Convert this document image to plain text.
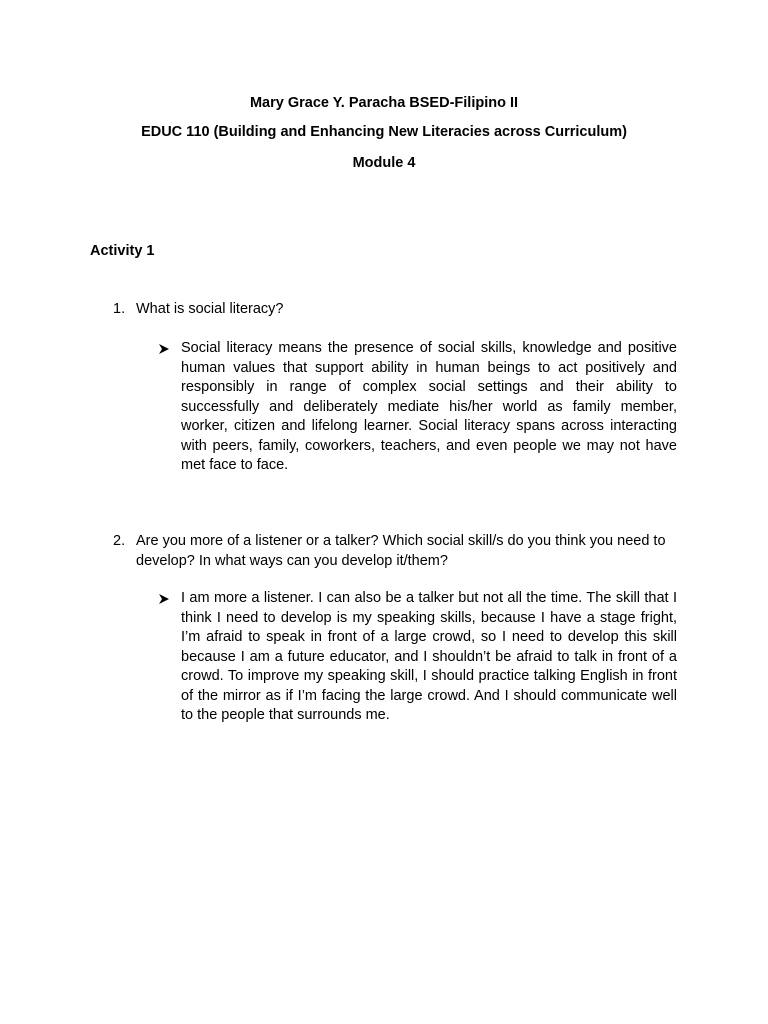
Mary Grace Y. Paracha BSED-Filipino II
EDUC 110 (Building and Enhancing New Literacies across Curriculum)
Module 4
Activity 1
1. What is social literacy?
Social literacy means the presence of social skills, knowledge and positive human values that support ability in human beings to act positively and responsibly in range of complex social settings and their ability to successfully and deliberately mediate his/her world as family member, worker, citizen and lifelong learner. Social literacy spans across interacting with peers, family, coworkers, teachers, and even people we may not have met face to face.
2. Are you more of a listener or a talker? Which social skill/s do you think you need to develop? In what ways can you develop it/them?
I am more a listener. I can also be a talker but not all the time. The skill that I think I need to develop is my speaking skills, because I have a stage fright, I’m afraid to speak in front of a large crowd, so I need to develop this skill because I am a future educator, and I shouldn’t be afraid to talk in front of a crowd. To improve my speaking skill, I should practice talking English in front of the mirror as if I’m facing the large crowd. And I should communicate well to the people that surrounds me.
